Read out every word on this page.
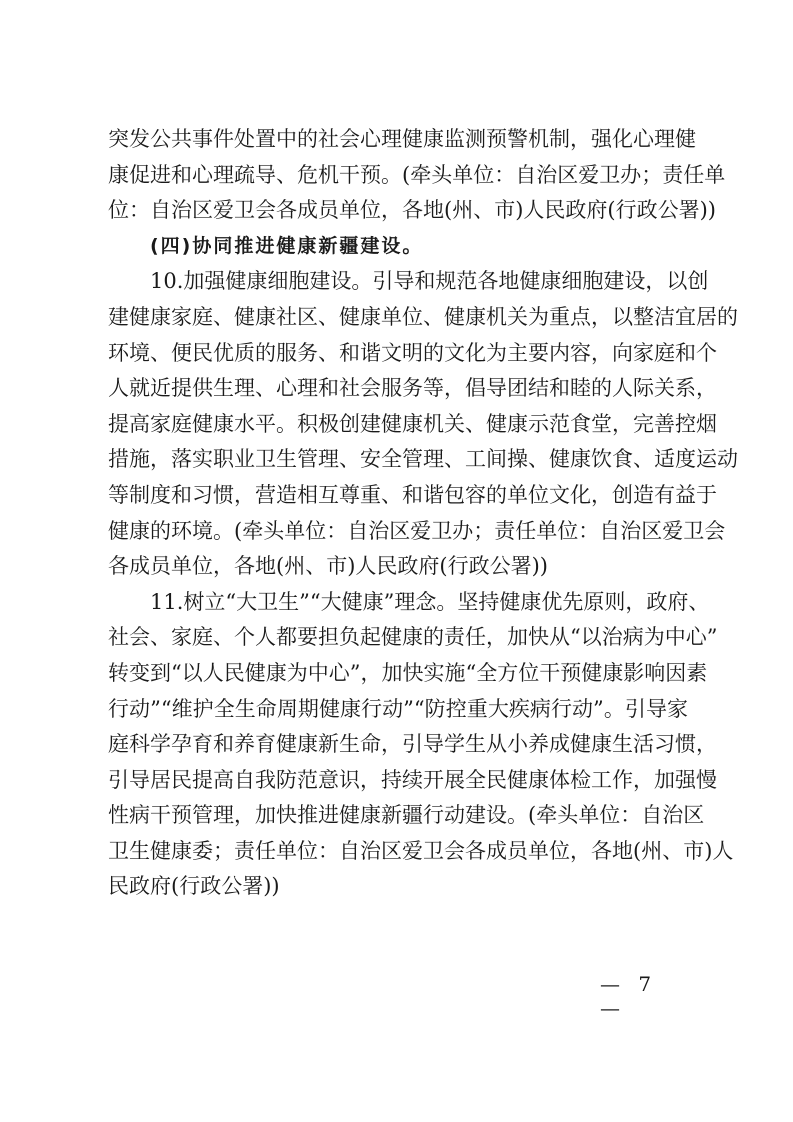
突发公共事件处置中的社会心理健康监测预警机制，强化心理健
康促进和心理疏导、危机干预。(牵头单位：自治区爱卫办；责任单
位：自治区爱卫会各成员单位，各地(州、市)人民政府(行政公署))
(四)协同推进健康新疆建设。
10.加强健康细胞建设。引导和规范各地健康细胞建设，以创
建健康家庭、健康社区、健康单位、健康机关为重点，以整洁宜居的
环境、便民优质的服务、和谐文明的文化为主要内容，向家庭和个
人就近提供生理、心理和社会服务等，倡导团结和睦的人际关系，
提高家庭健康水平。积极创建健康机关、健康示范食堂，完善控烟
措施，落实职业卫生管理、安全管理、工间操、健康饮食、适度运动
等制度和习惯，营造相互尊重、和谐包容的单位文化，创造有益于
健康的环境。(牵头单位：自治区爱卫办；责任单位：自治区爱卫会
各成员单位，各地(州、市)人民政府(行政公署))
11.树立“大卫生”“大健康”理念。坚持健康优先原则，政府、
社会、家庭、个人都要担负起健康的责任，加快从“以治病为中心”
转变到“以人民健康为中心”，加快实施“全方位干预健康影响因素
行动”“维护全生命周期健康行动”“防控重大疾病行动”。引导家
庭科学孕育和养育健康新生命，引导学生从小养成健康生活习惯，
引导居民提高自我防范意识，持续开展全民健康体检工作，加强慢
性病干预管理，加快推进健康新疆行动建设。(牵头单位：自治区
卫生健康委；责任单位：自治区爱卫会各成员单位，各地(州、市)人
民政府(行政公署))
— 7 —
